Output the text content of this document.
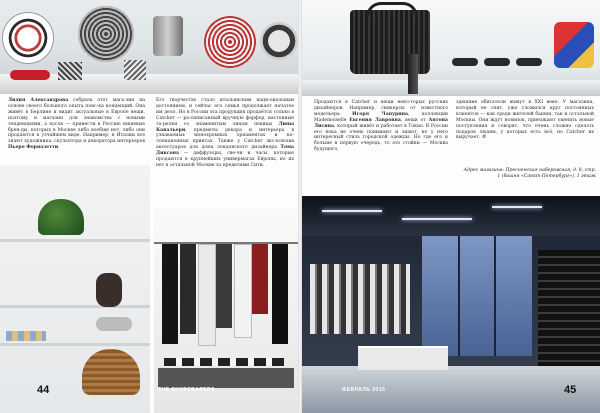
Лидия Александрова собрала этот мага-зин на основе своего большого опыта поис-ка концепций. Она живёт в Берлине и видит актуальные в Европе вещи, поэтому и магазин для знакомства с новыми тенденциями, а после — принести в Россию нишевые брен-ды, которых в Москве либо вообще нет, либо они продаются в узчайшем виде. Например, в Италии все знают художника, скульптора и декоратора интерьеров Пьеро Форназетти.
Его творчество стало итальянским наци-ональным достоянием, и сейчас его семья продолжает начатое им дело. Но в России эта продукция продаётся только в Catcher — ра-сиписанный вручную фарфор, настенные та-релки со знаменитым лицом певицы Лины Кавальери, предметы декора и интерьера в узнаваемых монохромных орнаментах и ко-ллекционных принтах. Также у Catcher экс-клюзив аксессуаров для дома лондонского дизайнера Тома Диксона — диффузоры, све-чи и часы, которые продаются в крупнейших универмагах Европы, но их нет в остальной Москве за пределами Сити.
44	THE SKYSCRAPERS
Продаются в Catcher и вещи неко-торых русских дизайнеров. Например, сникерсы от известного модельера Игоря Чапурина, коллекции Mademoiselle Евгения Лавровна, вещи от Антона Лисина, который живёт и работает в Токио. В России его пока не очень понимают и знают, но у него интересный стиль городской одежды. Но где его и больше в первую очередь, то это стойки — Москва будущего,
здешние обитатели живут в XXI веке. У магазина, который не спит, уже сложился круг постоянных клиентов — как среди жителей башни, так и остальной Москвы. Они ждут новинок, приезжают оценить новые поступления и говорят, что очень сложно сделать подарок людям, у которых есть всё, но Catcher их выручает. ©
Адрес магазина: Пресненская набережная, д. 8, стр. 1 (башня «Санкт-Петербург»), 1 этаж
ФЕВРАЛЬ 2016	45
